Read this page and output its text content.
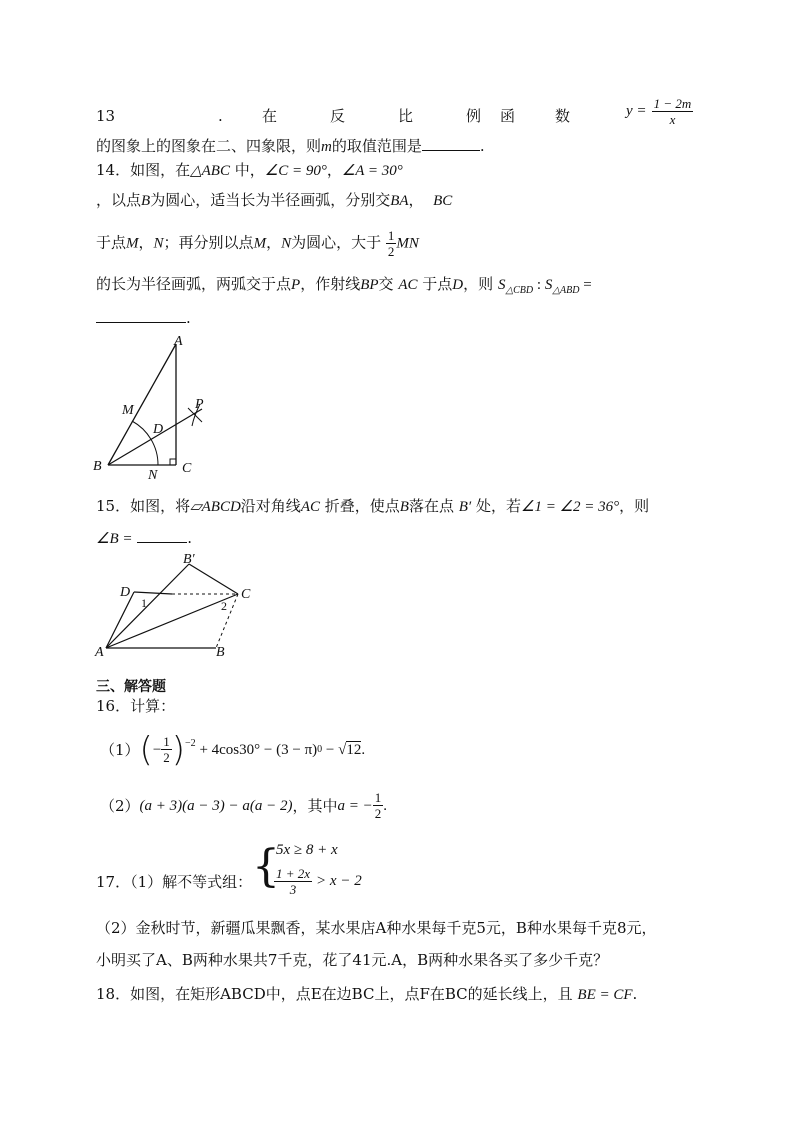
13	.	在	反	比	例 函	数	$y = \frac{1 - 2m}{x}$
的图象上的图象在二、四象限，则m的取值范围是	.
14．如图，在△ABC 中，∠C = 90°，∠A = 30°
，以点B为圆心，适当长为半径画弧，分别交BA， BC
于点M，N；再分别以点M，N为圆心，大于 $\frac{1}{2}$ MN
的长为半径画弧，两弧交于点P，作射线BP交 AC 于点D，则 $S_{\triangle CBD}$ : $S_{\triangle ABD}$ =
.
A
M	P
D
B
N C
15．如图，将▱ABCD沿对角线AC 折叠，使点B落在点 B′ 处，若∠1 = ∠2 = 36°，则
∠B =	.
B′
D
1
C
2
A	B
三、解答题
16．计算：
（1） ( − $\frac{1}{2} )^{-2} + 4\cos 30^\circ - (3 - \pi)$ 0 − √12 .
（2） (a + 3)(a − 3) − a(a − 2) ，其中 a = − $\frac{1}{2}$ .
17．（1）解不等式组： {
5x ≥ 8 + x
$\frac{1 + 2x}{3} > x - 2$
（2）金秋时节，新疆瓜果飘香，某水果店A种水果每千克5元，B种水果每千克8元，
小明买了A、B两种水果共7千克，花了41元.A，B两种水果各买了多少千克？
18．如图，在矩形ABCD中，点E在边BC上，点F在BC的延长线上，且 BE = CF.
